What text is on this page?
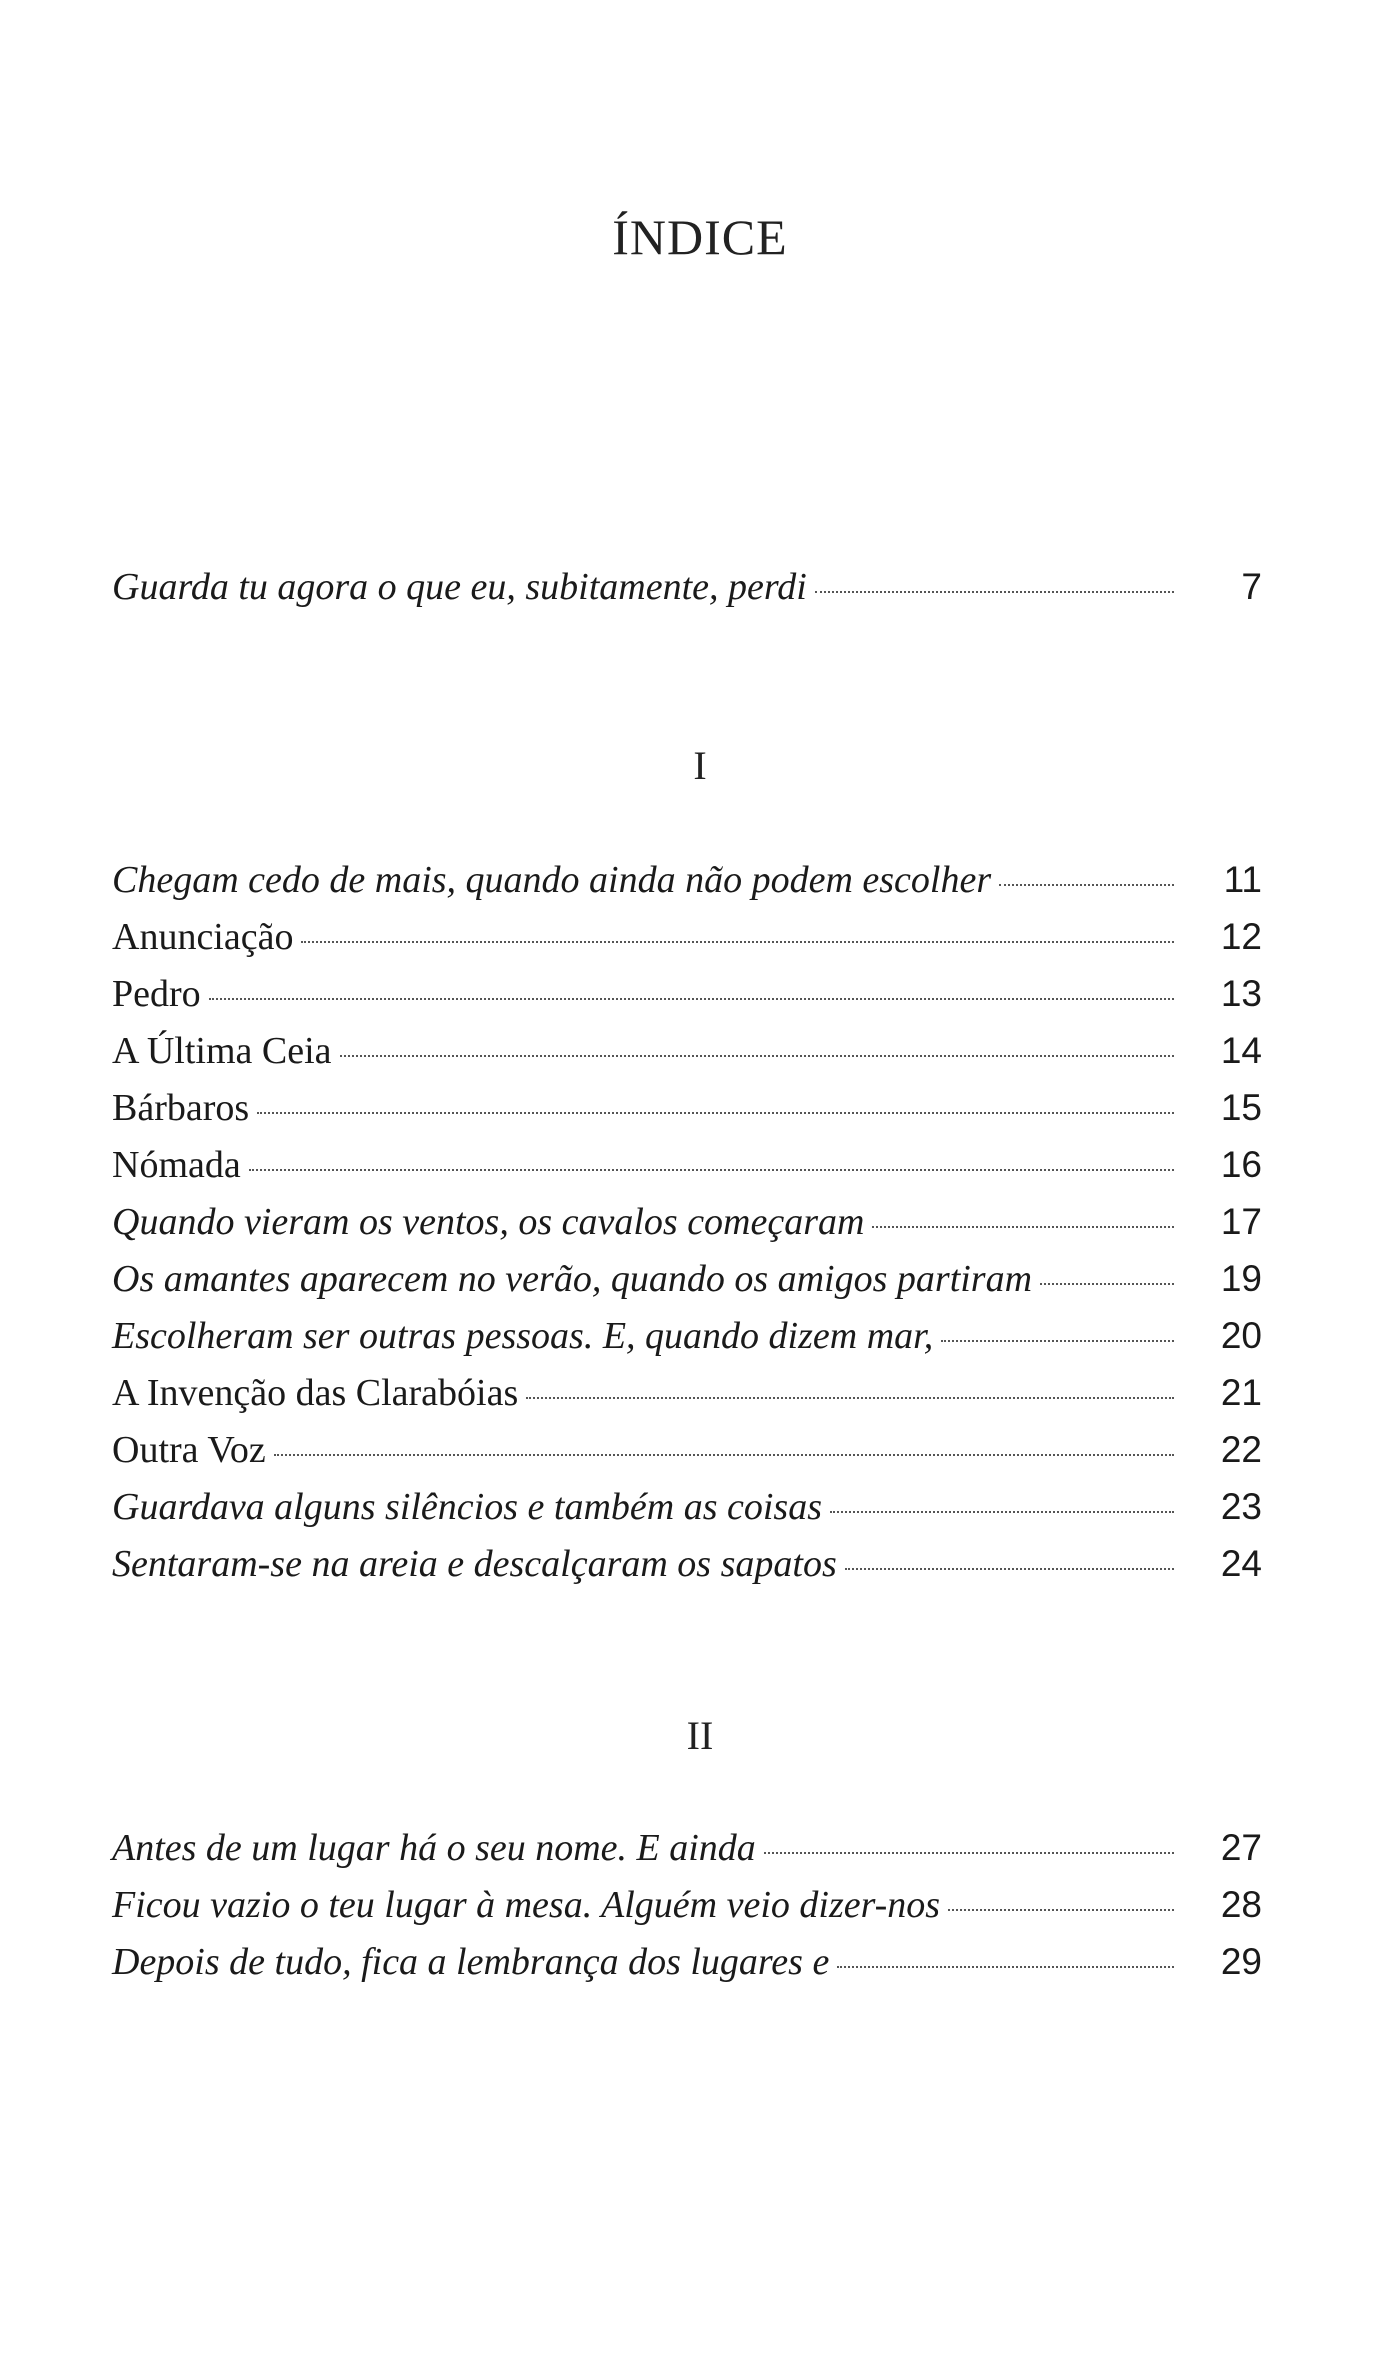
ÍNDICE
Guarda tu agora o que eu, subitamente, perdi	7
I
Chegam cedo de mais, quando ainda não podem escolher	11
Anunciação	12
Pedro	13
A Última Ceia	14
Bárbaros	15
Nómada	16
Quando vieram os ventos, os cavalos começaram	17
Os amantes aparecem no verão, quando os amigos partiram	19
Escolheram ser outras pessoas. E, quando dizem mar,	20
A Invenção das Clarabóias	21
Outra Voz	22
Guardava alguns silêncios e também as coisas	23
Sentaram-se na areia e descalçaram os sapatos	24
II
Antes de um lugar há o seu nome. E ainda	27
Ficou vazio o teu lugar à mesa. Alguém veio dizer-nos	28
Depois de tudo, fica a lembrança dos lugares e	29
